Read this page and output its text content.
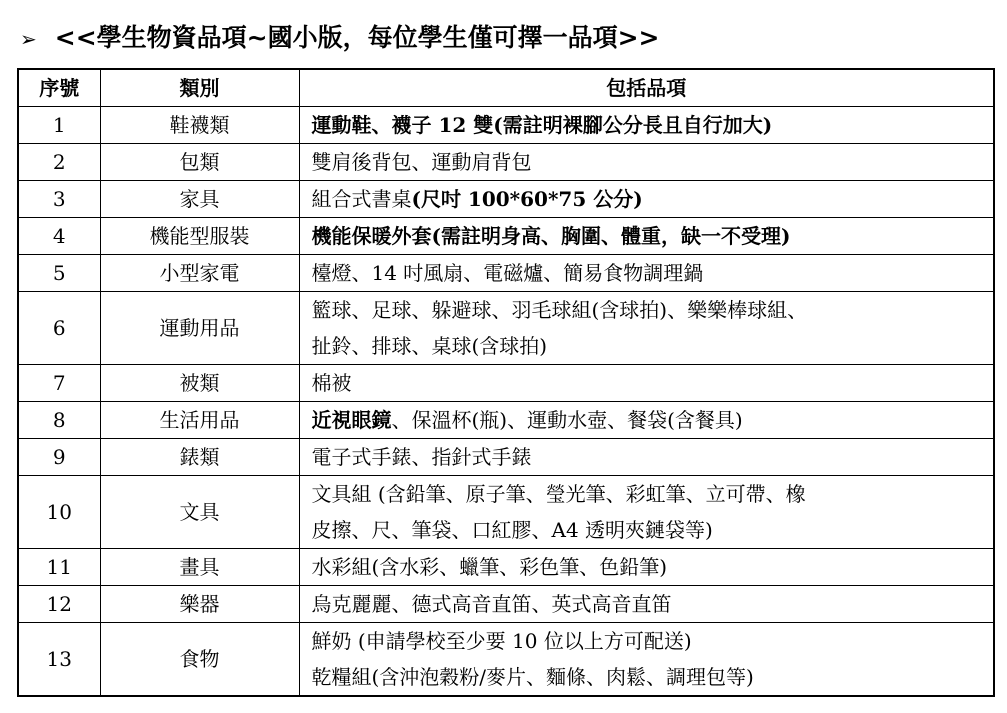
➢ <<學生物資品項~國小版，每位學生僅可擇一品項>>
序號	類別	包括品項
1	鞋襪類	運動鞋、襪子 12 雙(需註明裸腳公分長且自行加大)

2	包類	雙肩後背包、運動肩背包

3	家具	組合式書桌(尺吋 100*60*75 公分)

4	機能型服裝	機能保暖外套(需註明身高、胸圍、體重，缺一不受理)

5	小型家電	檯燈、14 吋風扇、電磁爐、簡易食物調理鍋

6	運動用品	籃球、足球、躲避球、羽毛球組(含球拍)、樂樂棒球組、
扯鈴、排球、桌球(含球拍)

7	被類	棉被

8	生活用品	近視眼鏡、保溫杯(瓶)、運動水壺、餐袋(含餐具)

9	錶類	電子式手錶、指針式手錶

10	文具	文具組 (含鉛筆、原子筆、瑩光筆、彩虹筆、立可帶、橡
皮擦、尺、筆袋、口紅膠、A4 透明夾鏈袋等)

11	畫具	水彩組(含水彩、蠟筆、彩色筆、色鉛筆)

12	樂器	烏克麗麗、德式高音直笛、英式高音直笛

13	食物	鮮奶 (申請學校至少要 10 位以上方可配送)
乾糧組(含沖泡穀粉/麥片、麵條、肉鬆、調理包等)
